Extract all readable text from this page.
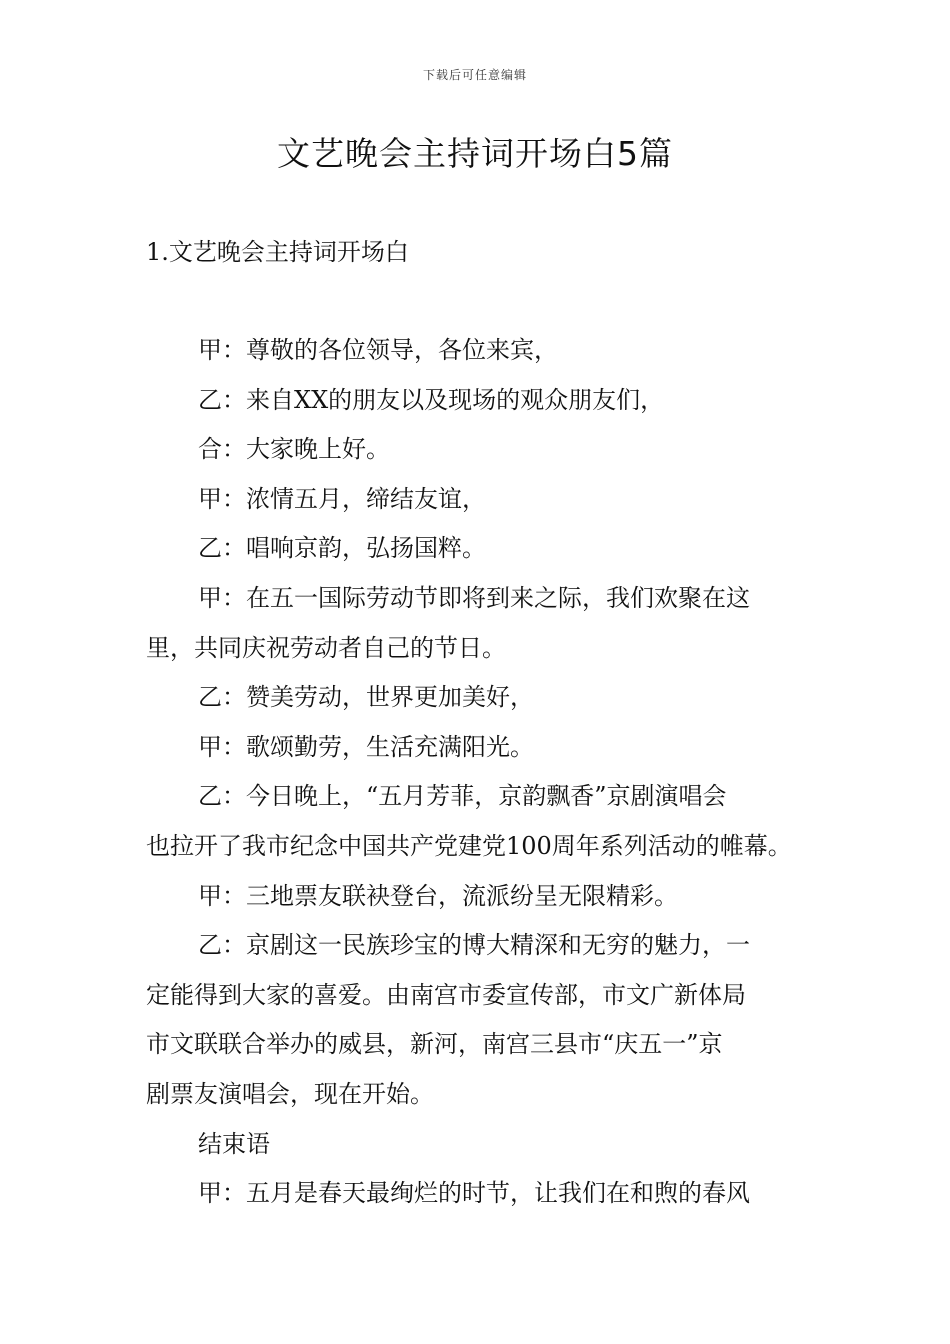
下载后可任意编辑
文艺晚会主持词开场白5篇
1.文艺晚会主持词开场白

甲：尊敬的各位领导，各位来宾，

乙：来自XX的朋友以及现场的观众朋友们，

合：大家晚上好。

甲：浓情五月，缔结友谊，

乙：唱响京韵，弘扬国粹。

甲：在五一国际劳动节即将到来之际，我们欢聚在这
里，共同庆祝劳动者自己的节日。

乙：赞美劳动，世界更加美好，

甲：歌颂勤劳，生活充满阳光。

乙：今日晚上，“五月芳菲，京韵飘香”京剧演唱会
也拉开了我市纪念中国共产党建党100周年系列活动的帷幕。

甲：三地票友联袂登台，流派纷呈无限精彩。

乙：京剧这一民族珍宝的博大精深和无穷的魅力，一
定能得到大家的喜爱。由南宫市委宣传部，市文广新体局
市文联联合举办的威县，新河，南宫三县市“庆五一”京
剧票友演唱会，现在开始。

结束语

甲：五月是春天最绚烂的时节，让我们在和煦的春风
